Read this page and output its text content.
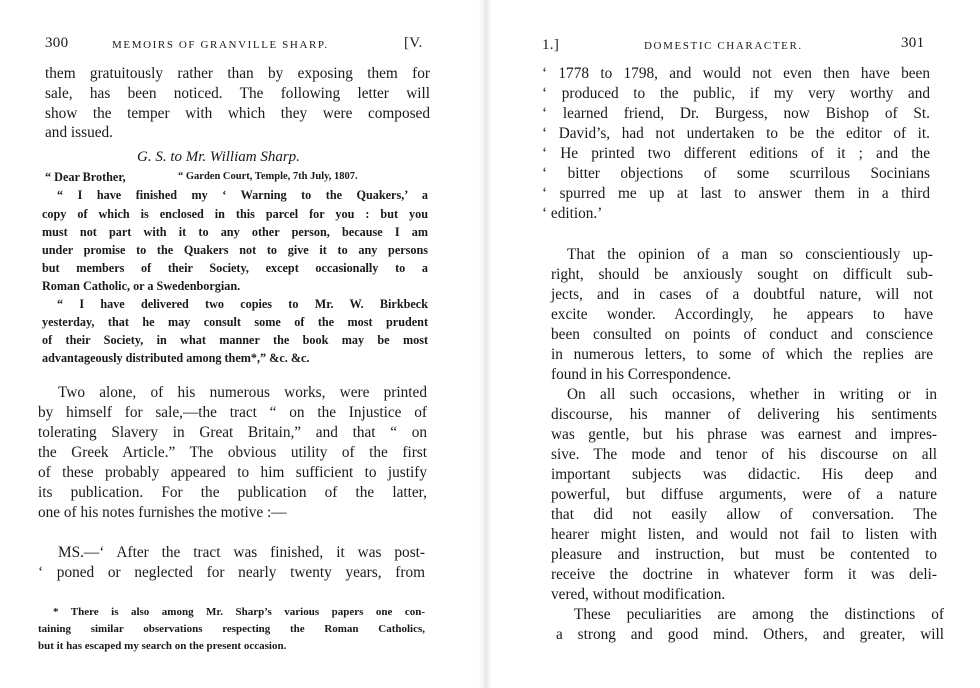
300	MEMOIRS OF GRANVILLE SHARP.	[V.
them gratuitously rather than by exposing them for
sale, has been noticed. The following letter will
show the temper with which they were composed
and issued.
G. S. to Mr. William Sharp.
“ Dear Brother,	“ Garden Court, Temple, 7th July, 1807.
“ I have finished my ‘ Warning to the Quakers,’ a
copy of which is enclosed in this parcel for you : but you
must not part with it to any other person, because I am
under promise to the Quakers not to give it to any persons
but members of their Society, except occasionally to a
Roman Catholic, or a Swedenborgian.
“ I have delivered two copies to Mr. W. Birkbeck
yesterday, that he may consult some of the most prudent
of their Society, in what manner the book may be most
advantageously distributed among them*,” &c. &c.
Two alone, of his numerous works, were printed
by himself for sale,—the tract “ on the Injustice of
tolerating Slavery in Great Britain,” and that “ on
the Greek Article.” The obvious utility of the first
of these probably appeared to him sufficient to justify
its publication. For the publication of the latter,
one of his notes furnishes the motive :—
MS.—‘ After the tract was finished, it was post-
‘ poned or neglected for nearly twenty years, from
* There is also among Mr. Sharp’s various papers one con-
taining similar observations respecting the Roman Catholics,
but it has escaped my search on the present occasion.
1.]	DOMESTIC CHARACTER.	301
‘ 1778 to 1798, and would not even then have been
‘ produced to the public, if my very worthy and
‘ learned friend, Dr. Burgess, now Bishop of St.
‘ David’s, had not undertaken to be the editor of it.
‘ He printed two different editions of it ; and the
‘ bitter objections of some scurrilous Socinians
‘ spurred me up at last to answer them in a third
‘ edition.’
That the opinion of a man so conscientiously up-
right, should be anxiously sought on difficult sub-
jects, and in cases of a doubtful nature, will not
excite wonder. Accordingly, he appears to have
been consulted on points of conduct and conscience
in numerous letters, to some of which the replies are
found in his Correspondence.
On all such occasions, whether in writing or in
discourse, his manner of delivering his sentiments
was gentle, but his phrase was earnest and impres-
sive. The mode and tenor of his discourse on all
important subjects was didactic. His deep and
powerful, but diffuse arguments, were of a nature
that did not easily allow of conversation. The
hearer might listen, and would not fail to listen with
pleasure and instruction, but must be contented to
receive the doctrine in whatever form it was deli-
vered, without modification.
These peculiarities are among the distinctions of
a strong and good mind. Others, and greater, will
